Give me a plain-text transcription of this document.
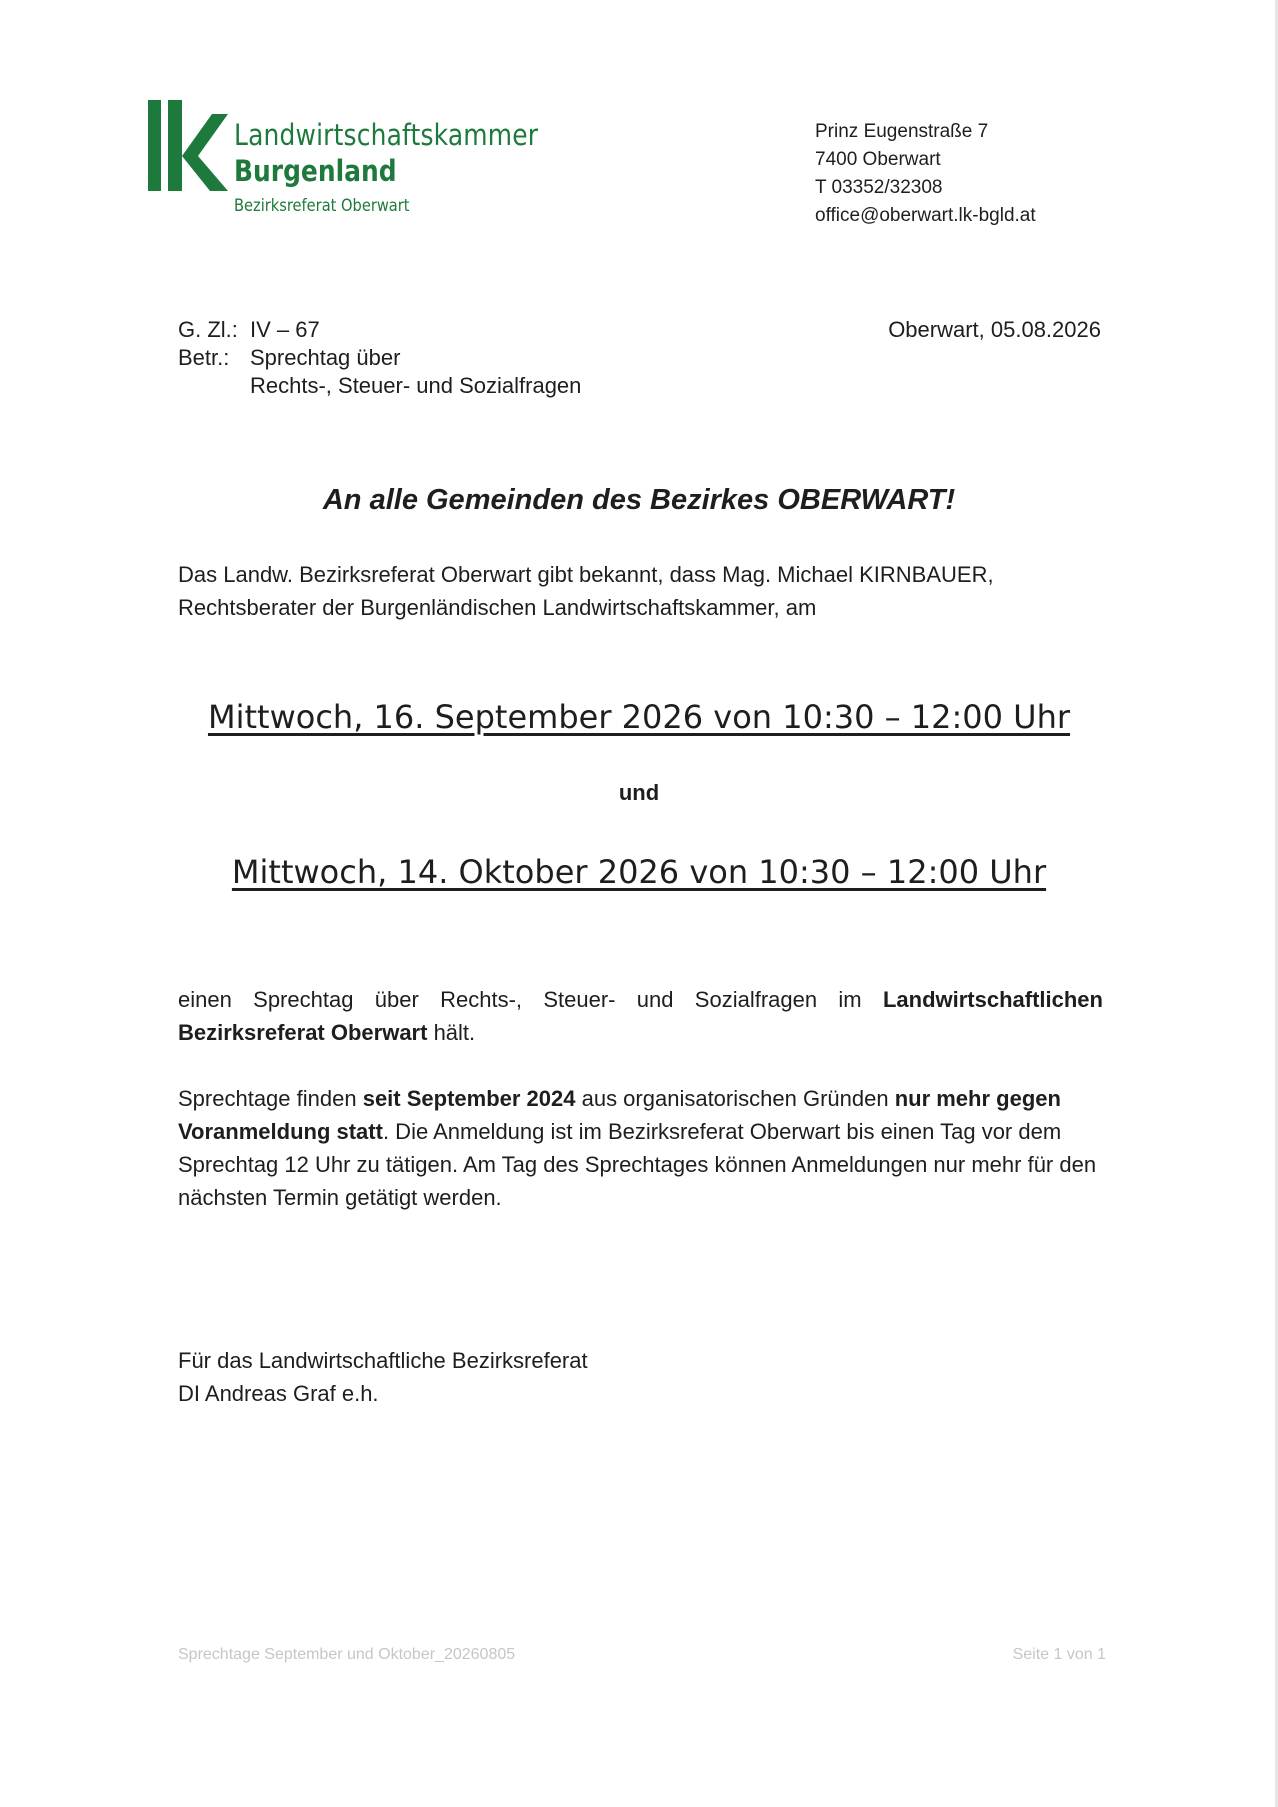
Landwirtschaftskammer
Burgenland
Bezirksreferat Oberwart
Prinz Eugenstraße 7
7400 Oberwart
T 03352/32308
office@oberwart.lk-bgld.at
G. Zl.: IV – 67
Betr.: Sprechtag über
Rechts-, Steuer- und Sozialfragen
Oberwart, 05.08.2026
An alle Gemeinden des Bezirkes OBERWART!
Das Landw. Bezirksreferat Oberwart gibt bekannt, dass Mag. Michael KIRNBAUER,
Rechtsberater der Burgenländischen Landwirtschaftskammer, am
Mittwoch, 16. September 2026 von 10:30 – 12:00 Uhr
und
Mittwoch, 14. Oktober 2026 von 10:30 – 12:00 Uhr
einen Sprechtag über Rechts-, Steuer- und Sozialfragen im Landwirtschaftlichen Bezirksreferat Oberwart hält.
Sprechtage finden seit September 2024 aus organisatorischen Gründen nur mehr gegen Voranmeldung statt. Die Anmeldung ist im Bezirksreferat Oberwart bis einen Tag vor dem Sprechtag 12 Uhr zu tätigen. Am Tag des Sprechtages können Anmeldungen nur mehr für den nächsten Termin getätigt werden.
Für das Landwirtschaftliche Bezirksreferat
DI Andreas Graf e.h.
Sprechtage September und Oktober_20260805	Seite 1 von 1
